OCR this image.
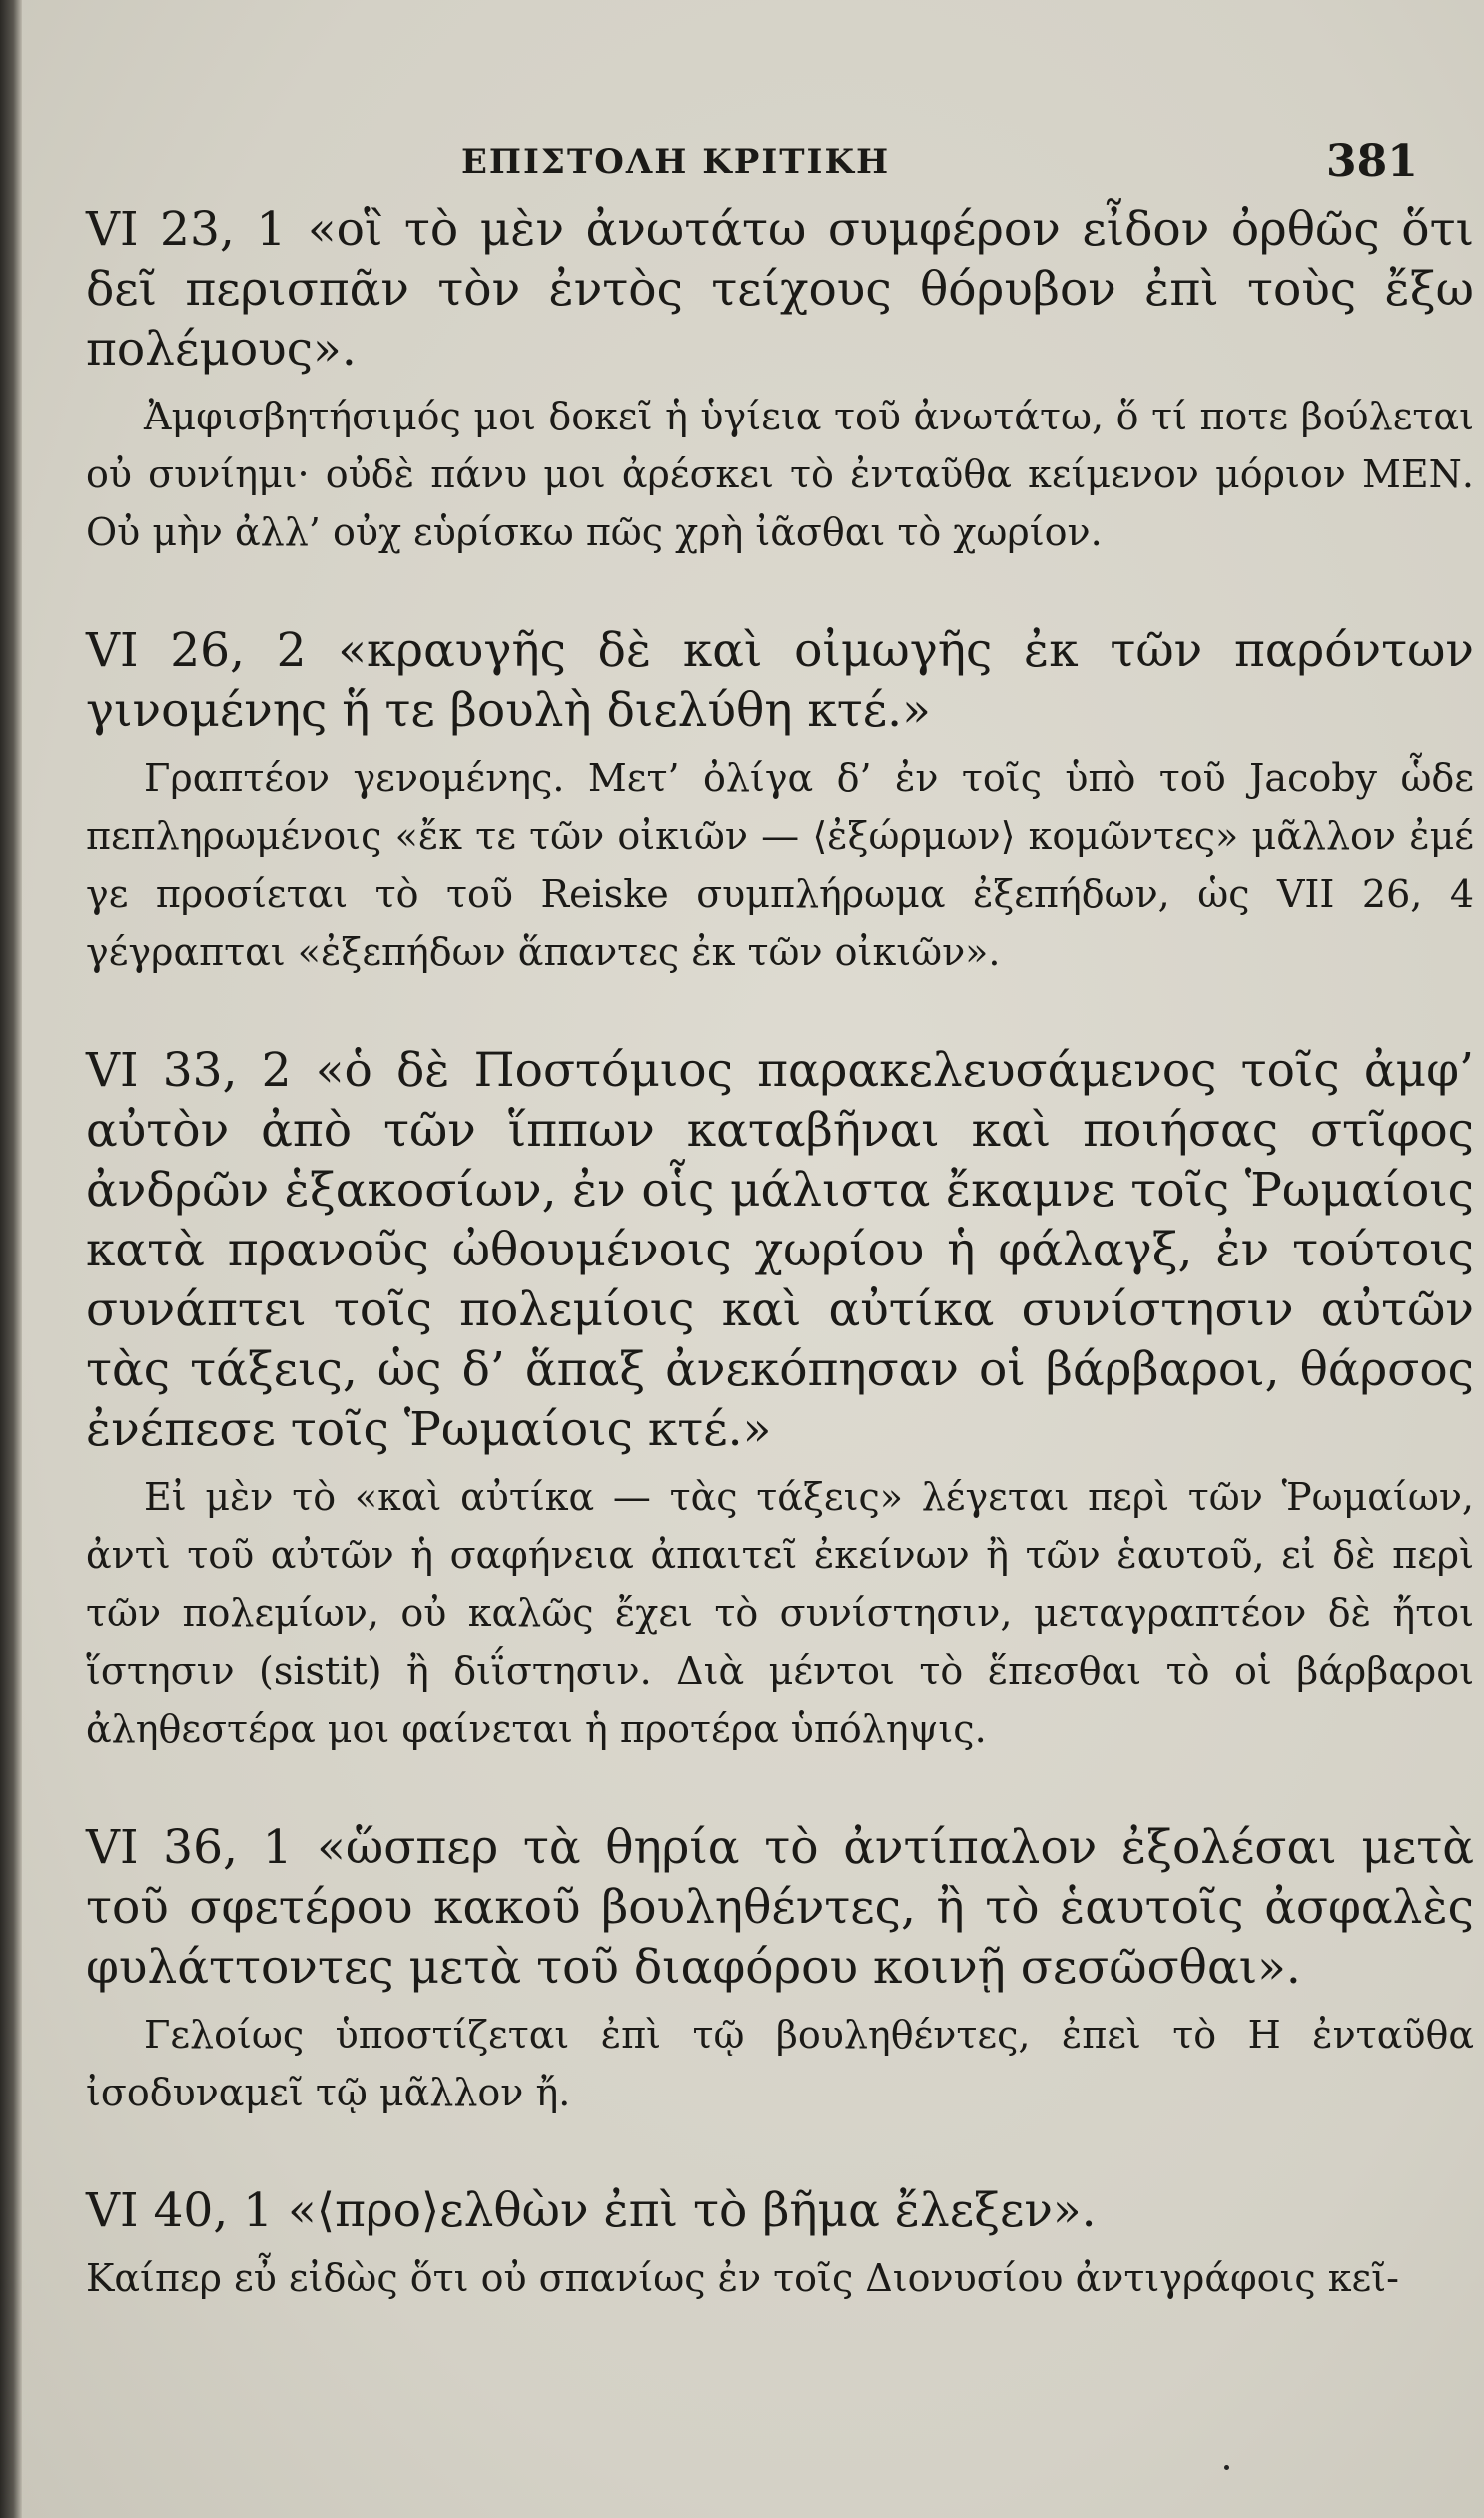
ΕΠΙΣΤΟΛΗ ΚΡΙΤΙΚΗ	381

VI 23, 1 «οἳ τὸ μὲν ἀνωτάτω συμφέρον εἶδον ὀρθῶς ὅτι δεῖ περισπᾶν τὸν ἐντὸς τείχους θόρυβον ἐπὶ τοὺς ἔξω πολέμους».

Ἀμφισβητήσιμός μοι δοκεῖ ἡ ὑγίεια τοῦ ἀνωτάτω, ὅ τί ποτε βούλεται οὐ συνίημι· οὐδὲ πάνυ μοι ἀρέσκει τὸ ἐνταῦθα κείμενον μόριον ΜΕΝ. Οὐ μὴν ἀλλ’ οὐχ εὑρίσκω πῶς χρὴ ἰᾶσθαι τὸ χωρίον.

VI 26, 2 «κραυγῆς δὲ καὶ οἰμωγῆς ἐκ τῶν παρόντων γινομένης ἥ τε βουλὴ διελύθη κτέ.»

Γραπτέον γενομένης. Μετ’ ὀλίγα δ’ ἐν τοῖς ὑπὸ τοῦ Jacoby ὧδε πεπληρωμένοις «ἔκ τε τῶν οἰκιῶν — ⟨ἐξώρμων⟩ κομῶντες» μᾶλλον ἐμέ γε προσίεται τὸ τοῦ Reiske συμπλήρωμα ἐξεπήδων, ὡς VII 26, 4 γέγραπται «ἐξεπήδων ἅπαντες ἐκ τῶν οἰκιῶν».

VI 33, 2 «ὁ δὲ Ποστόμιος παρακελευσάμενος τοῖς ἀμφ’ αὐτὸν ἀπὸ τῶν ἵππων καταβῆναι καὶ ποιήσας στῖφος ἀνδρῶν ἑξακοσίων, ἐν οἷς μάλιστα ἔκαμνε τοῖς Ῥωμαίοις κατὰ πρανοῦς ὠθουμένοις χωρίου ἡ φάλαγξ, ἐν τούτοις συνάπτει τοῖς πολεμίοις καὶ αὐτίκα συνίστησιν αὐτῶν τὰς τάξεις, ὡς δ’ ἅπαξ ἀνεκόπησαν οἱ βάρβαροι, θάρσος ἐνέπεσε τοῖς Ῥωμαίοις κτέ.»

Εἰ μὲν τὸ «καὶ αὐτίκα — τὰς τάξεις» λέγεται περὶ τῶν Ῥωμαίων, ἀντὶ τοῦ αὐτῶν ἡ σαφήνεια ἀπαιτεῖ ἐκείνων ἢ τῶν ἑαυτοῦ, εἰ δὲ περὶ τῶν πολεμίων, οὐ καλῶς ἔχει τὸ συνίστησιν, μεταγραπτέον δὲ ἤτοι ἵστησιν (sistit) ἢ διΐστησιν. Διὰ μέντοι τὸ ἕπεσθαι τὸ οἱ βάρβαροι ἀληθεστέρα μοι φαίνεται ἡ προτέρα ὑπόληψις.

VI 36, 1 «ὥσπερ τὰ θηρία τὸ ἀντίπαλον ἐξολέσαι μετὰ τοῦ σφετέρου κακοῦ βουληθέντες, ἢ τὸ ἑαυτοῖς ἀσφαλὲς φυλάττοντες μετὰ τοῦ διαφόρου κοινῇ σεσῶσθαι».

Γελοίως ὑποστίζεται ἐπὶ τῷ βουληθέντες, ἐπεὶ τὸ Η ἐνταῦθα ἰσοδυναμεῖ τῷ μᾶλλον ἤ.

VI 40, 1 «⟨προ⟩ελθὼν ἐπὶ τὸ βῆμα ἔλεξεν».

Καίπερ εὖ εἰδὼς ὅτι οὐ σπανίως ἐν τοῖς Διονυσίου ἀντιγράφοις κεῖ-
